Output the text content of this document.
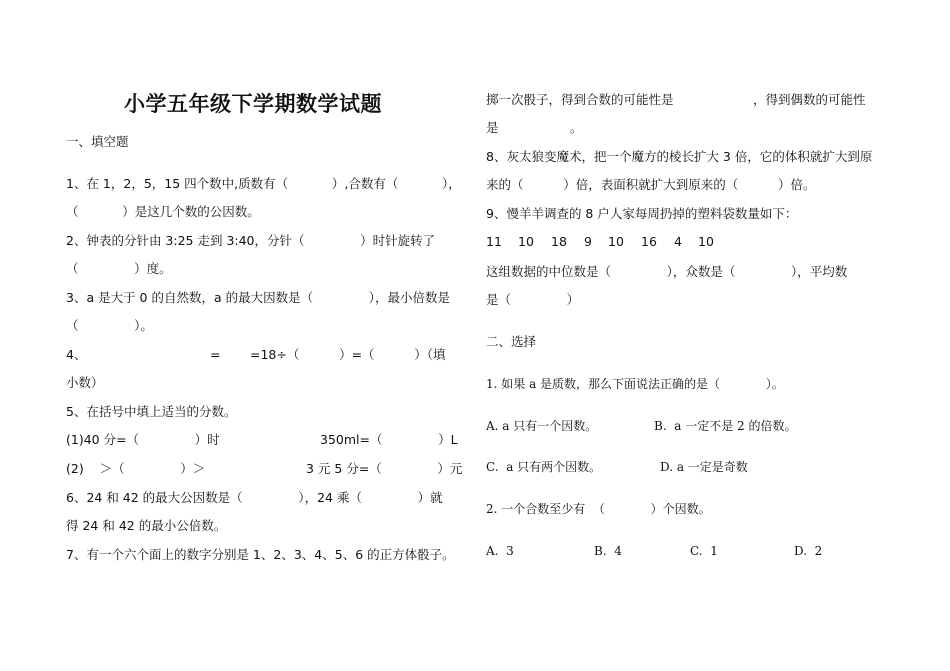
小学五年级下学期数学试题
一、填空题
1、在 1，2，5，15 四个数中,质数有（           ）,合数有（           ），
（           ）是这几个数的公因数。
2、钟表的分针由 3:25 走到 3:40，分针（              ）时针旋转了
（              ）度。
3、a 是大于 0 的自然数，a 的最大因数是（              ），最小倍数是
（              ）。
4、	= =18÷（          ）=（          ）（填
小数）
5、在括号中填上适当的分数。
(1)40 分=（              ）时	350ml=（              ）L
(2)    ＞（              ）＞	3 元 5 分=（              ）元
6、24 和 42 的最大公因数是（              ），24 乘（              ）就
得 24 和 42 的最小公倍数。
7、有一个六个面上的数字分别是 1、2、3、4、5、6 的正方体骰子。
掷一次骰子，得到合数的可能性是                    ，得到偶数的可能性
是                  。
8、灰太狼变魔术，把一个魔方的棱长扩大 3 倍，它的体积就扩大到原
来的（          ）倍，表面积就扩大到原来的（          ）倍。
9、慢羊羊调查的 8 户人家每周扔掉的塑料袋数量如下：
11 10 18 9 10 16 4 10
这组数据的中位数是（              ），众数是（              ），平均数
是（              ）
二、选择
1. 如果 a 是质数，那么下面说法正确的是（            ）。
A. a 只有一个因数。	B.  a 一定不是 2 的倍数。
C.  a 只有两个因数。	D. a 一定是奇数
2. 一个合数至少有  （            ）个因数。
A.  3	B.  4	C.  1	D.  2
